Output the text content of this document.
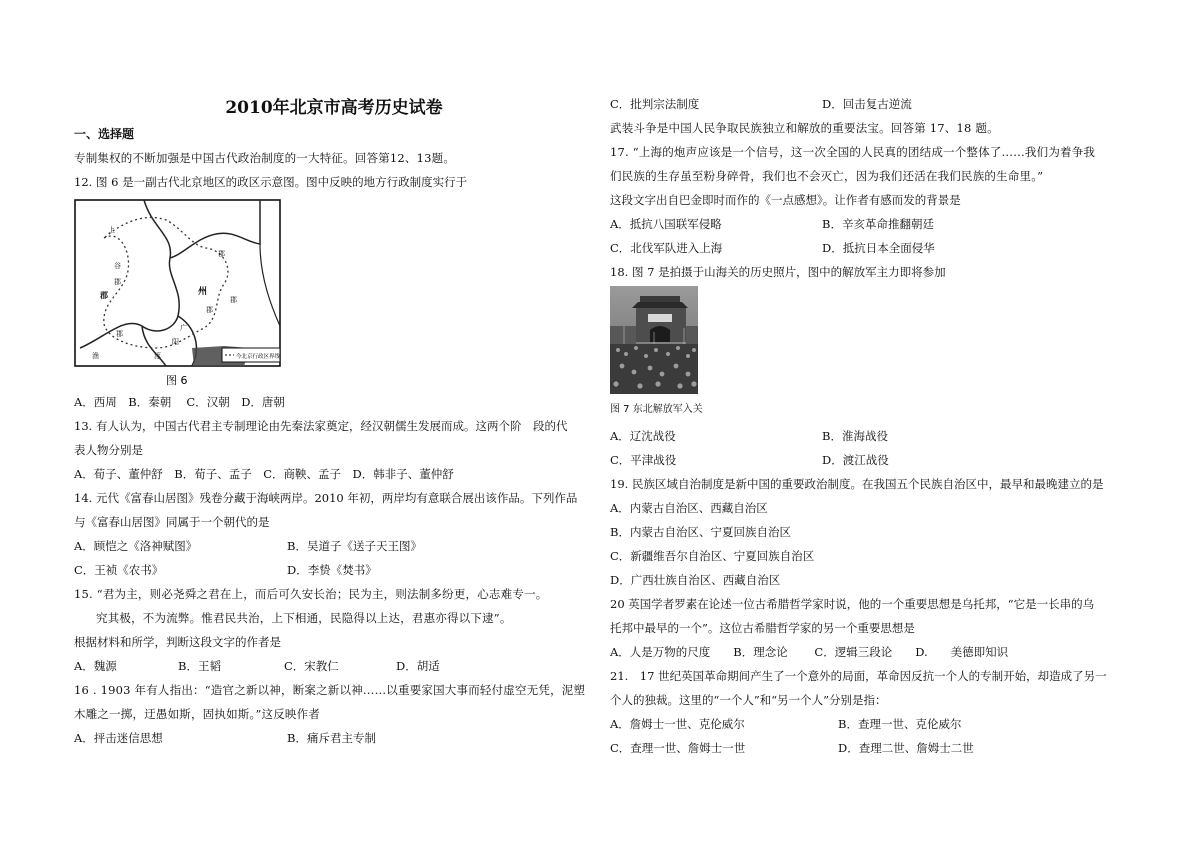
2010年北京市高考历史试卷
一、选择题
专制集权的不断加强是中国古代政治制度的一大特征。回答第12、13题。
12. 图 6 是一副古代北京地区的政区示意图。图中反映的地方行政制度实行于
今北京行政区界线
上
谷
郡
郡
州
郡
郡
广
阳
郡
郡
渔	涿
图 6
A．西周　B．秦朝　 C．汉朝　D．唐朝
13. 有人认为，中国古代君主专制理论由先秦法家奠定，经汉朝儒生发展而成。这两个阶　段的代
表人物分别是
A．荀子、董仲舒　B．荀子、孟子　C．商鞅、孟子　D．韩非子、董仲舒
14. 元代《富春山居图》残卷分藏于海峡两岸。2010 年初，两岸均有意联合展出该作品。下列作品
与《富春山居图》同属于一个朝代的是
A．顾恺之《洛神赋图》	B．吴道子《送子天王图》
C．王祯《农书》	D．李贽《焚书》
15. “君为主，则必尧舜之君在上，而后可久安长治；民为主，则法制多纷更，心志难专一。
究其极，不为流弊。惟君民共治，上下相通，民隐得以上达，君惠亦得以下逮”。
根据材料和所学，判断这段文字的作者是
A．魏源	B．王韬	C．宋教仁	D．胡适
16 . 1903 年有人指出：“造官之新以神，断案之新以神……以重要家国大事而轻付虚空无凭，泥塑
木雕之一掷，迂愚如斯，固执如斯。”这反映作者
A．抨击迷信思想	B．痛斥君主专制
C．批判宗法制度	D．回击复古逆流
武装斗争是中国人民争取民族独立和解放的重要法宝。回答第 17、18 题。
17. “上海的炮声应该是一个信号，这一次全国的人民真的团结成一个整体了……我们为着争我
们民族的生存虽至粉身碎骨，我们也不会灭亡，因为我们还活在我们民族的生命里。”
这段文字出自巴金即时而作的《一点感想》。让作者有感而发的背景是
A．抵抗八国联军侵略	B．辛亥革命推翻朝廷
C．北伐军队进入上海	D．抵抗日本全面侵华
18. 图 7 是拍摄于山海关的历史照片，图中的解放军主力即将参加
图 7 东北解放军入关
A．辽沈战役	B．淮海战役
C．平津战役	D．渡江战役
19. 民族区域自治制度是新中国的重要政治制度。在我国五个民族自治区中，最早和最晚建立的是
A．内蒙古自治区、西藏自治区
B．内蒙古自治区、宁夏回族自治区
C．新疆维吾尔自治区、宁夏回族自治区
D．广西壮族自治区、西藏自治区
20 英国学者罗素在论述一位古希腊哲学家时说，他的一个重要思想是乌托邦，“它是一长串的乌
托邦中最早的一个”。这位古希腊哲学家的另一个重要思想是
A．人是万物的尺度　　B．理念论　　 C．逻辑三段论　　D.　　美德即知识
21.　17 世纪英国革命期间产生了一个意外的局面，革命因反抗一个人的专制开始，却造成了另一
个人的独裁。这里的“一个人”和“另一个人”分别是指：
A．詹姆士一世、克伦威尔	B．查理一世、克伦威尔
C．查理一世、詹姆士一世	D．查理二世、詹姆士二世
